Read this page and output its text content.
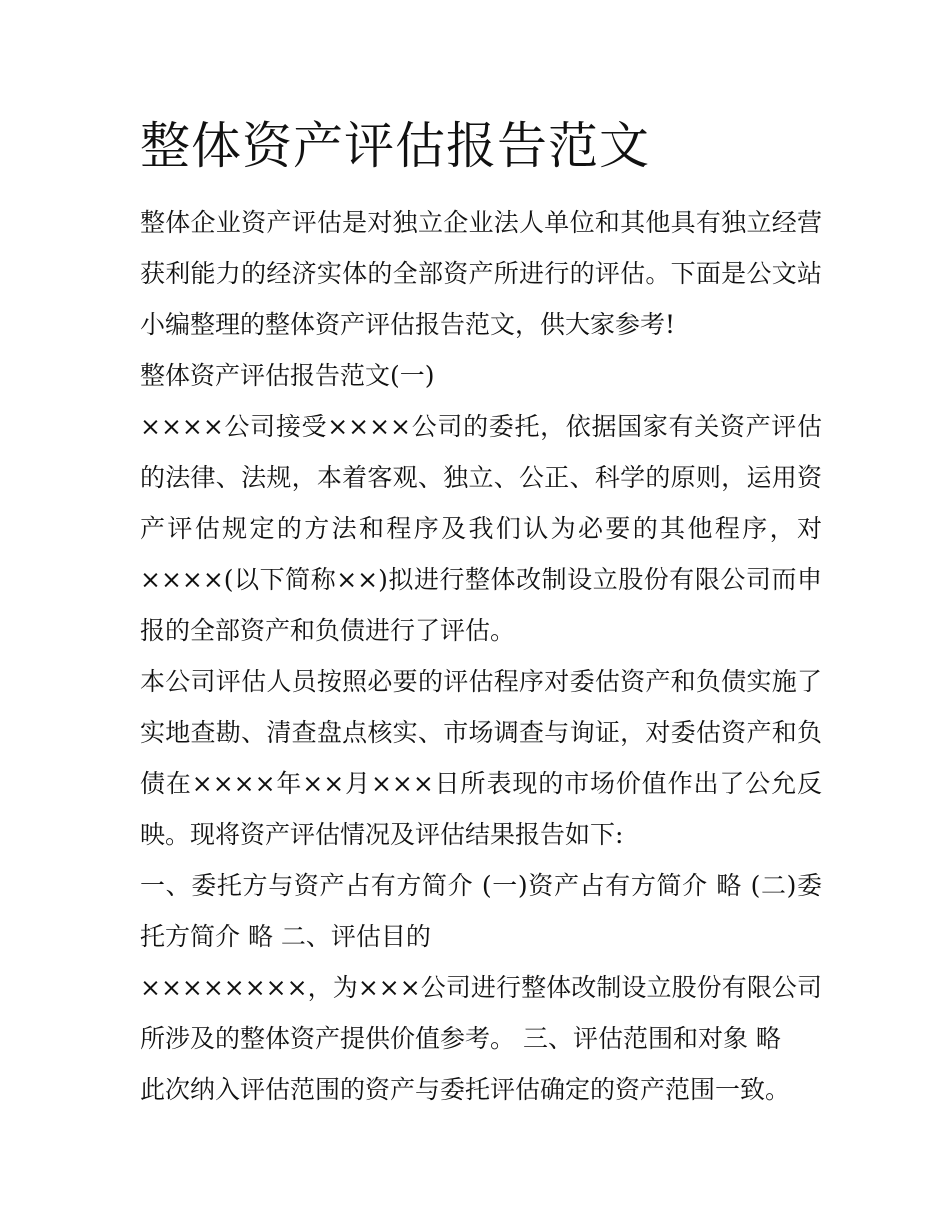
整体资产评估报告范文

整体企业资产评估是对独立企业法人单位和其他具有独立经营获利能力的经济实体的全部资产所进行的评估。下面是公文站小编整理的整体资产评估报告范文，供大家参考!

整体资产评估报告范文(一)

××××公司接受××××公司的委托，依据国家有关资产评估的法律、法规，本着客观、独立、公正、科学的原则，运用资产评估规定的方法和程序及我们认为必要的其他程序，对××××(以下简称××)拟进行整体改制设立股份有限公司而申报的全部资产和负债进行了评估。

本公司评估人员按照必要的评估程序对委估资产和负债实施了实地查勘、清查盘点核实、市场调查与询证，对委估资产和负债在××××年××月×××日所表现的市场价值作出了公允反映。现将资产评估情况及评估结果报告如下:

一、委托方与资产占有方简介 (一)资产占有方简介 略 (二)委托方简介 略 二、评估目的

××××××××，为×××公司进行整体改制设立股份有限公司所涉及的整体资产提供价值参考。 三、评估范围和对象 略

此次纳入评估范围的资产与委托评估确定的资产范围一致。
